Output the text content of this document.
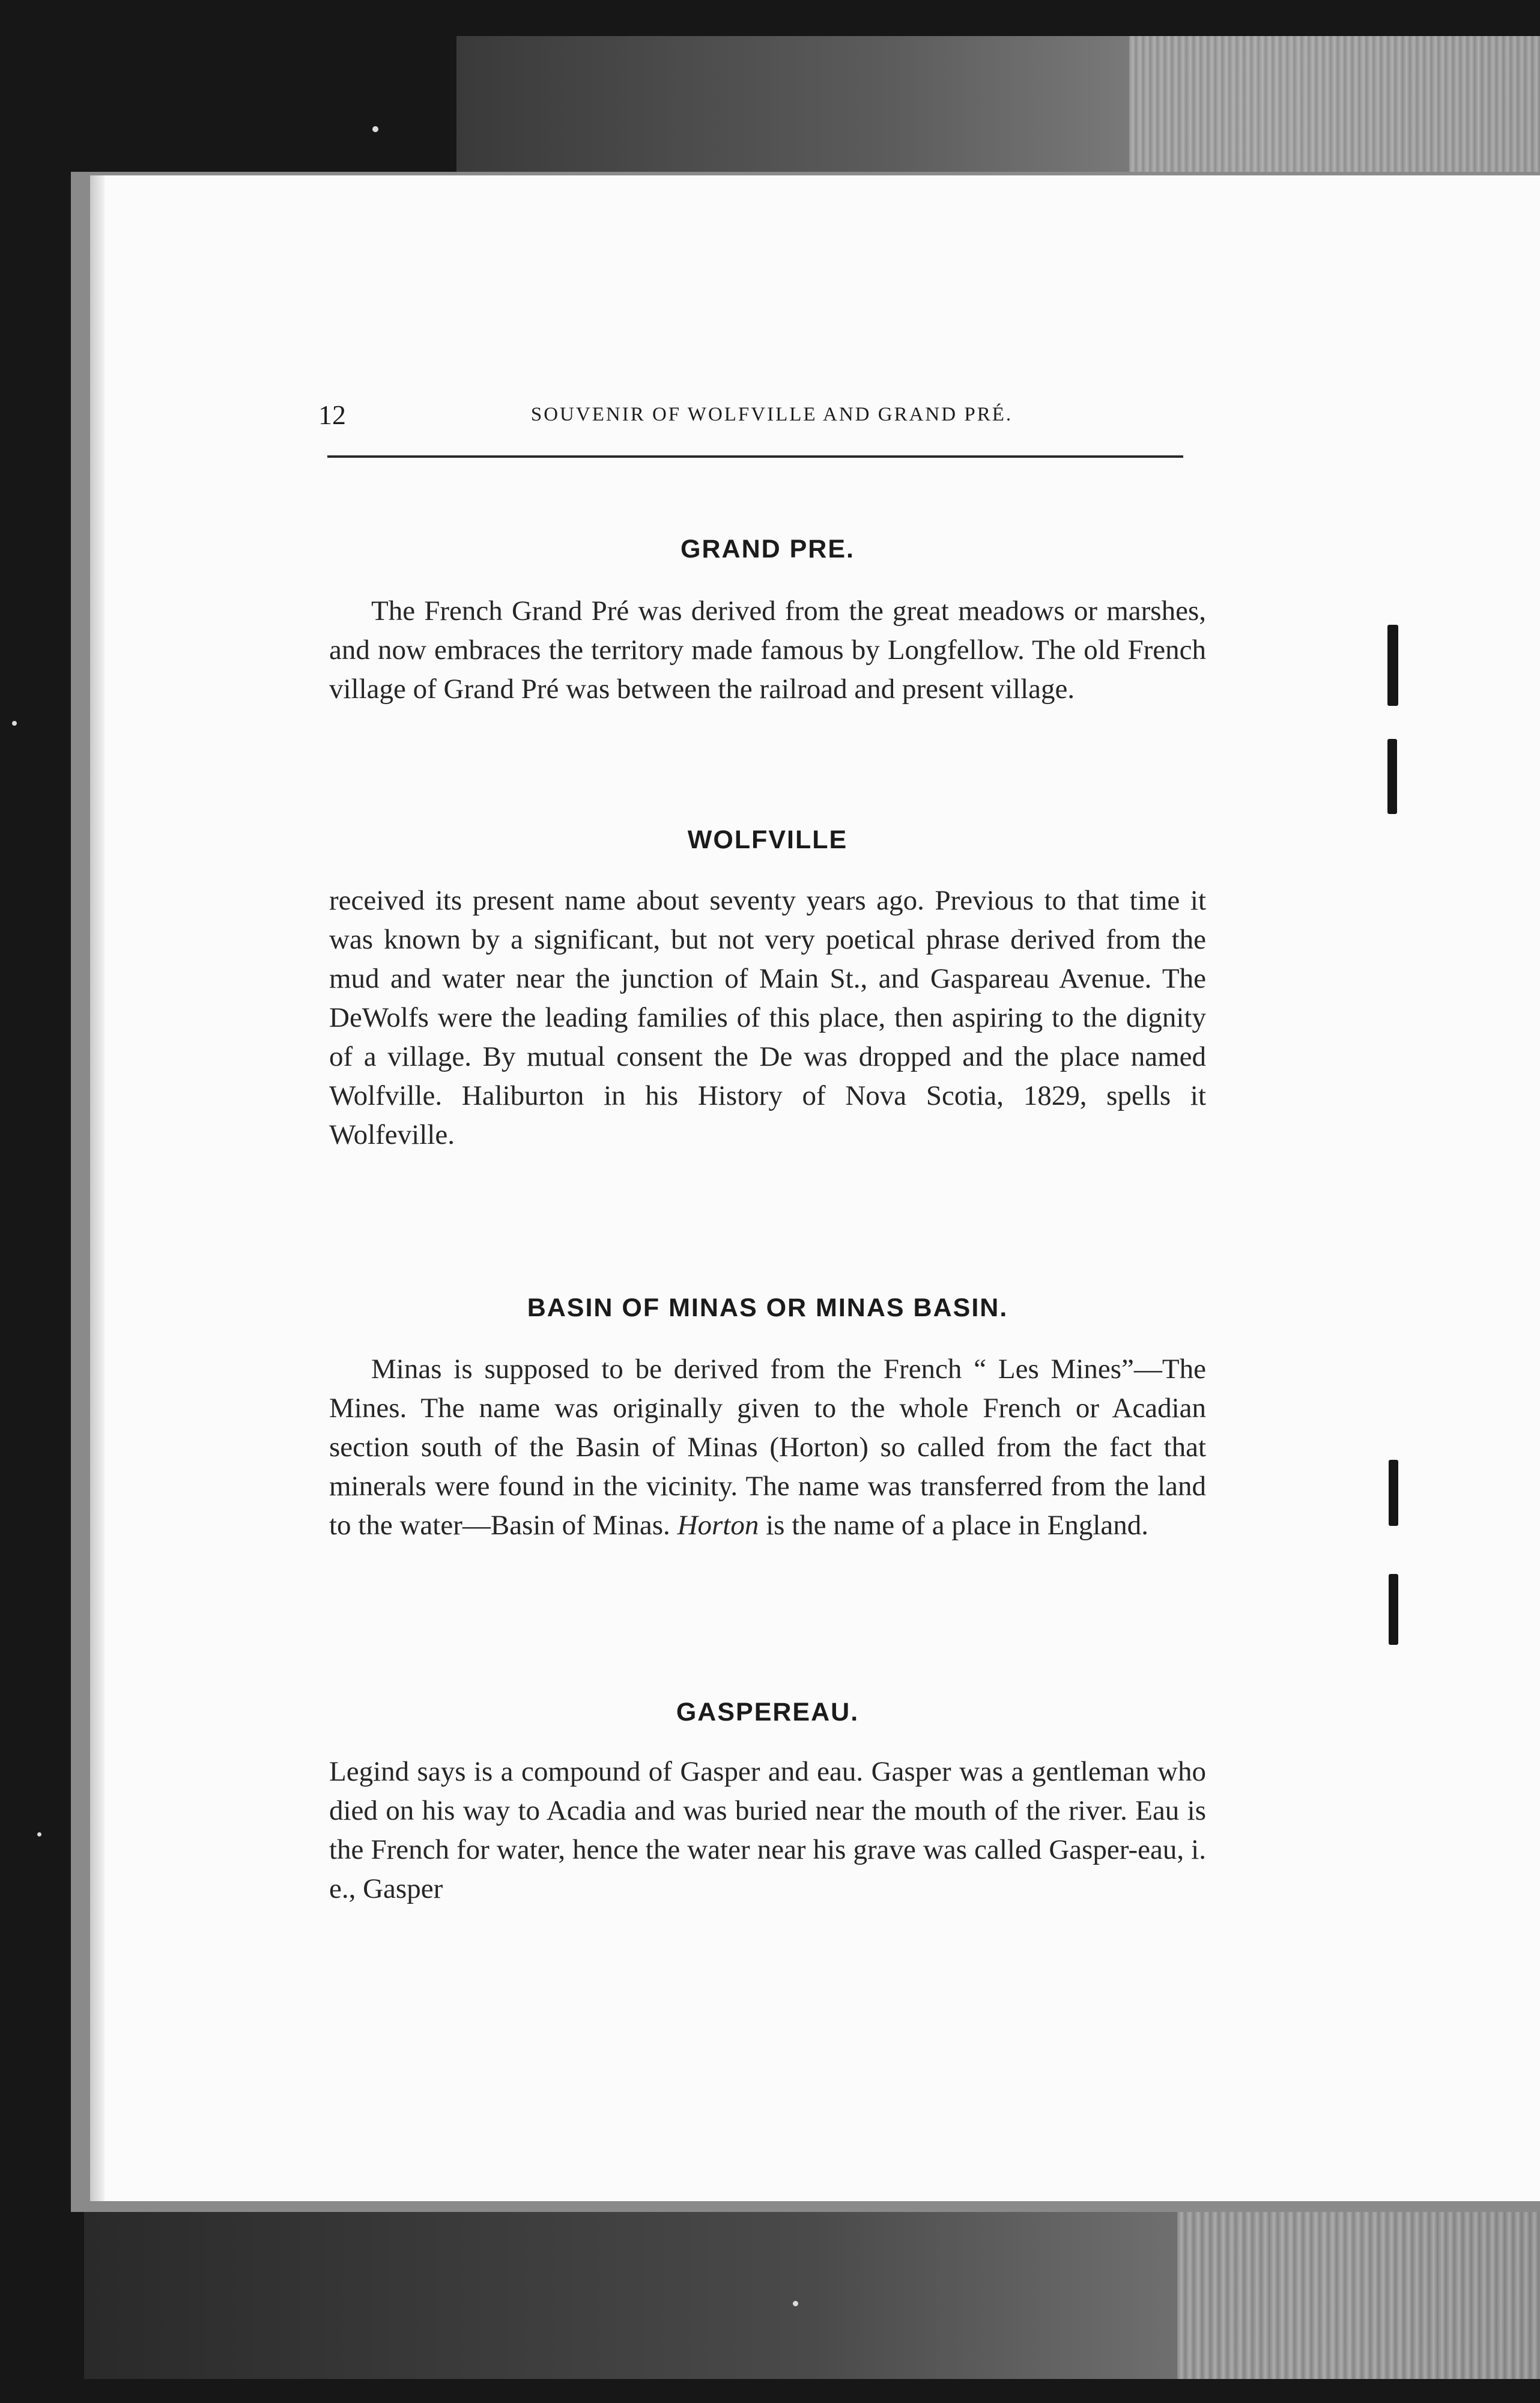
12	SOUVENIR OF WOLFVILLE AND GRAND PRÉ.
GRAND PRE.

The French Grand Pré was derived from the great meadows or marshes, and now embraces the territory made famous by Longfellow. The old French village of Grand Pré was between the railroad and present village.

WOLFVILLE

received its present name about seventy years ago. Previous to that time it was known by a significant, but not very poetical phrase derived from the mud and water near the junction of Main St., and Gaspareau Avenue. The DeWolfs were the leading families of this place, then aspiring to the dignity of a village. By mutual consent the De was dropped and the place named Wolfville. Haliburton in his History of Nova Scotia, 1829, spells it Wolfeville.

BASIN OF MINAS OR MINAS BASIN.

Minas is supposed to be derived from the French “ Les Mines”—The Mines. The name was originally given to the whole French or Acadian section south of the Basin of Minas (Horton) so called from the fact that minerals were found in the vicinity. The name was transferred from the land to the water—Basin of Minas. Horton is the name of a place in England.

GASPEREAU.

Legind says is a compound of Gasper and eau. Gasper was a gentleman who died on his way to Acadia and was buried near the mouth of the river. Eau is the French for water, hence the water near his grave was called Gasper-eau, i. e., Gasper
